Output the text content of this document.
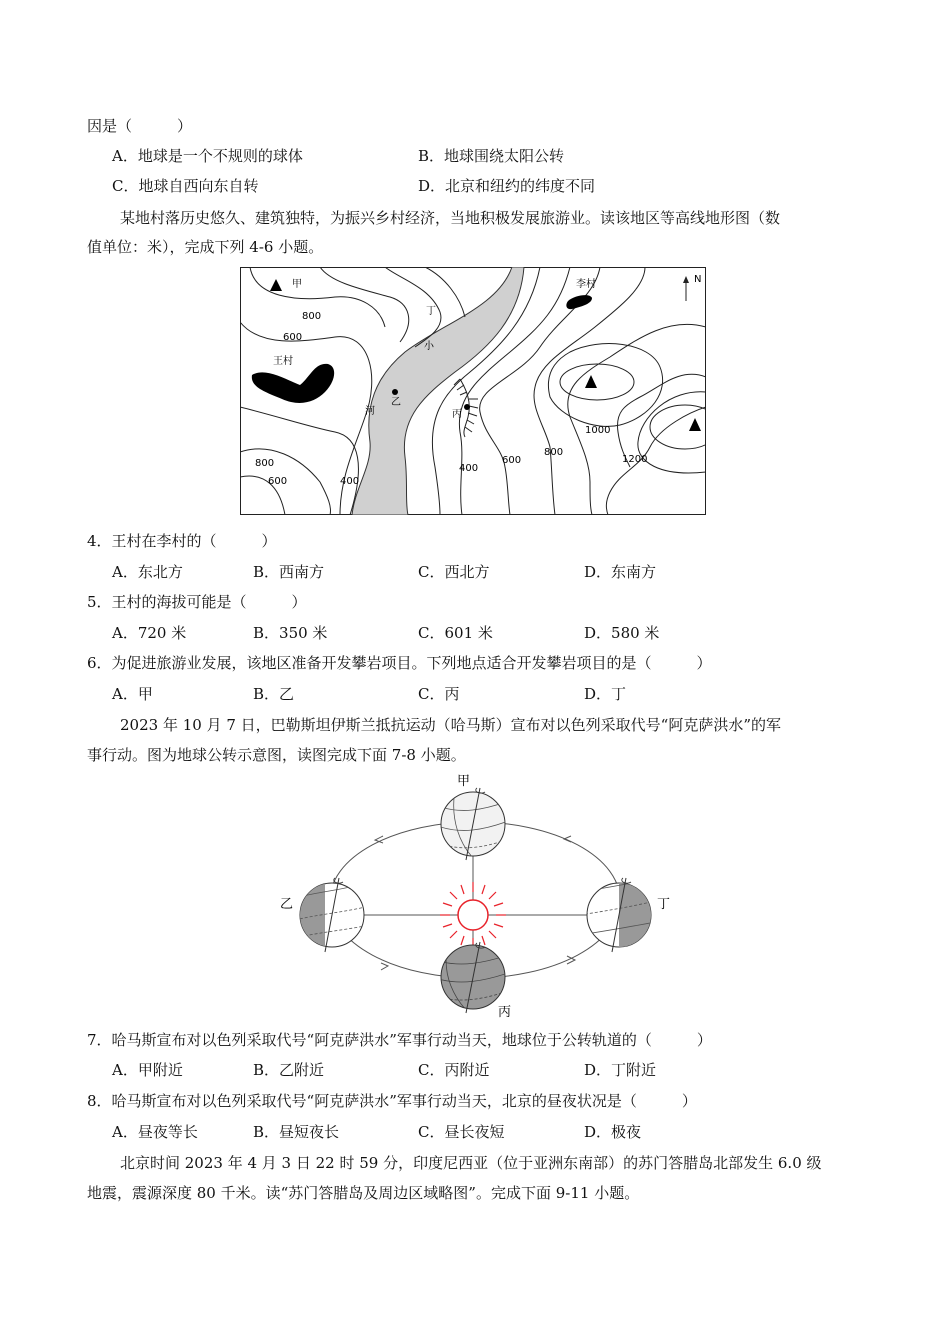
因是（　　　）
A．地球是一个不规则的球体	B．地球围绕太阳公转
C．地球自西向东自转	D．北京和纽约的纬度不同
某地村落历史悠久、建筑独特，为振兴乡村经济，当地积极发展旅游业。读该地区等高线地形图（数
值单位：米），完成下列 4-6 小题。
N
甲
王村
李村
丁
小
河
乙
丙
800
600
800
600	400
400
600
800
1000
1200
4．王村在李村的（　　　）
A．东北方	B．西南方	C．西北方	D．东南方
5．王村的海拔可能是（　　　）
A．720 米	B．350 米	C．601 米	D．580 米
6．为促进旅游业发展，该地区准备开发攀岩项目。下列地点适合开发攀岩项目的是（　　　）
A．甲	B．乙	C．丙	D．丁
2023 年 10 月 7 日，巴勒斯坦伊斯兰抵抗运动（哈马斯）宣布对以色列采取代号“阿克萨洪水”的军
事行动。图为地球公转示意图，读图完成下面 7-8 小题。
甲
乙	丁
丙
7．哈马斯宣布对以色列采取代号“阿克萨洪水”军事行动当天，地球位于公转轨道的（　　　）
A．甲附近	B．乙附近	C．丙附近	D．丁附近
8．哈马斯宣布对以色列采取代号“阿克萨洪水”军事行动当天，北京的昼夜状况是（　　　）
A．昼夜等长	B．昼短夜长	C．昼长夜短	D．极夜
北京时间 2023 年 4 月 3 日 22 时 59 分，印度尼西亚（位于亚洲东南部）的苏门答腊岛北部发生 6.0 级
地震，震源深度 80 千米。读“苏门答腊岛及周边区域略图”。完成下面 9-11 小题。
